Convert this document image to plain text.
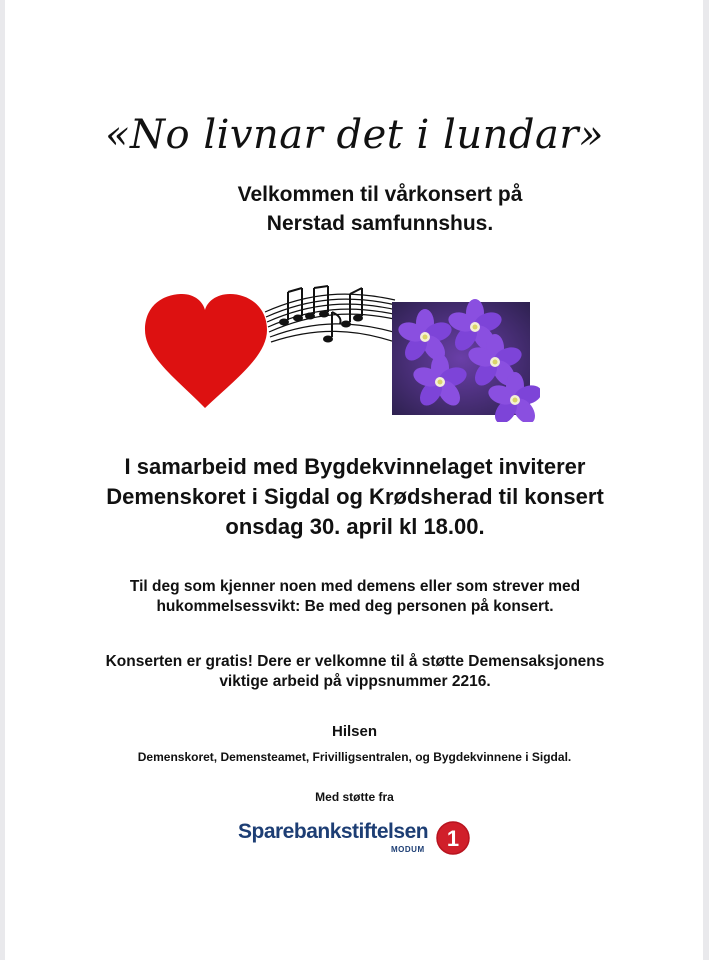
«No livnar det i lundar»
Velkommen til vårkonsert på
Nerstad samfunnshus.
I samarbeid med Bygdekvinnelaget inviterer
Demenskoret i Sigdal og Krødsherad til konsert
onsdag 30. april kl 18.00.
Til deg som kjenner noen med demens eller som strever med
hukommelsessvikt: Be med deg personen på konsert.
Konserten er gratis! Dere er velkomne til å støtte Demensaksjonens
viktige arbeid på vippsnummer 2216.
Hilsen
Demenskoret, Demensteamet, Frivilligsentralen, og Bygdekvinnene i Sigdal.
Med støtte fra
Sparebankstiftelsen
MODUM 1
